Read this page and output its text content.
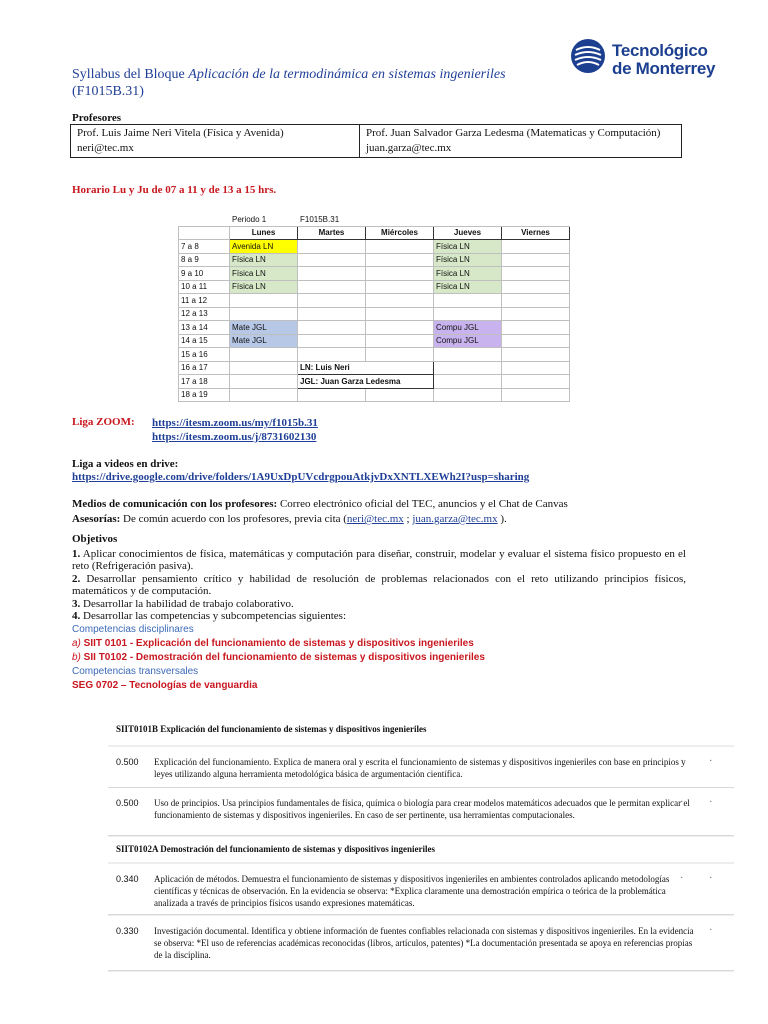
Syllabus del Bloque Aplicación de la termodinámica en sistemas ingenieriles
(F1015B.31)
Tecnológico
de Monterrey
Profesores
Prof. Luis Jaime Neri Vitela (Física y Avenida)
neri@tec.mx

Prof. Juan Salvador Garza Ledesma (Matematicas y Computación)
juan.garza@tec.mx
Horario Lu y Ju de 07 a 11 y de 13 a 15 hrs.
	Periodo 1	F1015B.31			
	Lunes	Martes	Miércoles	Jueves	Viernes
7 a 8	Avenida LN			Física LN	
8 a 9	Física LN			Física LN	
9 a 10	Física LN			Física LN	
10 a 11	Física LN			Física LN	
11 a 12					
12 a 13					
13 a 14	Mate JGL			Compu JGL	
14 a 15	Mate JGL			Compu JGL	
15 a 16					
16 a 17		LN: Luis Neri			
17 a 18		JGL: Juan Garza Ledesma			
18 a 19					
Liga ZOOM: https://itesm.zoom.us/my/f1015b.31
https://itesm.zoom.us/j/8731602130
Liga a videos en drive:
https://drive.google.com/drive/folders/1A9UxDpUVcdrgpouAtkjvDxXNTLXEWh2I?usp=sharing
Medios de comunicación con los profesores: Correo electrónico oficial del TEC, anuncios y el Chat de Canvas
Asesorías: De común acuerdo con los profesores, previa cita (neri@tec.mx ; juan.garza@tec.mx ).
Objetivos

1. Aplicar conocimientos de física, matemáticas y computación para diseñar, construir, modelar y evaluar el sistema físico propuesto en el reto (Refrigeración pasiva).

2. Desarrollar pensamiento crítico y habilidad de resolución de problemas relacionados con el reto utilizando principios físicos, matemáticos y de computación.

3. Desarrollar la habilidad de trabajo colaborativo.

4. Desarrollar las competencias y subcompetencias siguientes:

Competencias disciplinares
a) SIIT 0101 - Explicación del funcionamiento de sistemas y dispositivos ingenieriles
b) SII T0102 - Demostración del funcionamiento de sistemas y dispositivos ingenieriles
Competencias transversales
SEG 0702 – Tecnologías de vanguardia
SIIT0101B Explicación del funcionamiento de sistemas y dispositivos ingenieriles
0.500 Explicación del funcionamiento. Explica de manera oral y escrita el funcionamiento de sistemas y dispositivos ingenieriles con base en principios y leyes utilizando alguna herramienta metodológica básica de argumentación científica.
. .
0.500 Uso de principios. Usa principios fundamentales de física, química o biología para crear modelos matemáticos adecuados que le permitan explicar el funcionamiento de sistemas y dispositivos ingenieriles. En caso de ser pertinente, usa herramientas computacionales.
. .
SIIT0102A Demostración del funcionamiento de sistemas y dispositivos ingenieriles
0.340 Aplicación de métodos. Demuestra el funcionamiento de sistemas y dispositivos ingenieriles en ambientes controlados aplicando metodologías científicas y técnicas de observación. En la evidencia se observa: *Explica claramente una demostración empírica o teórica de la problemática analizada a través de principios físicos usando expresiones matemáticas.
. .
0.330 Investigación documental. Identifica y obtiene información de fuentes confiables relacionada con sistemas y dispositivos ingenieriles. En la evidencia se observa: *El uso de referencias académicas reconocidas (libros, artículos, patentes) *La documentación presentada se apoya en referencias propias de la disciplina.
. .
